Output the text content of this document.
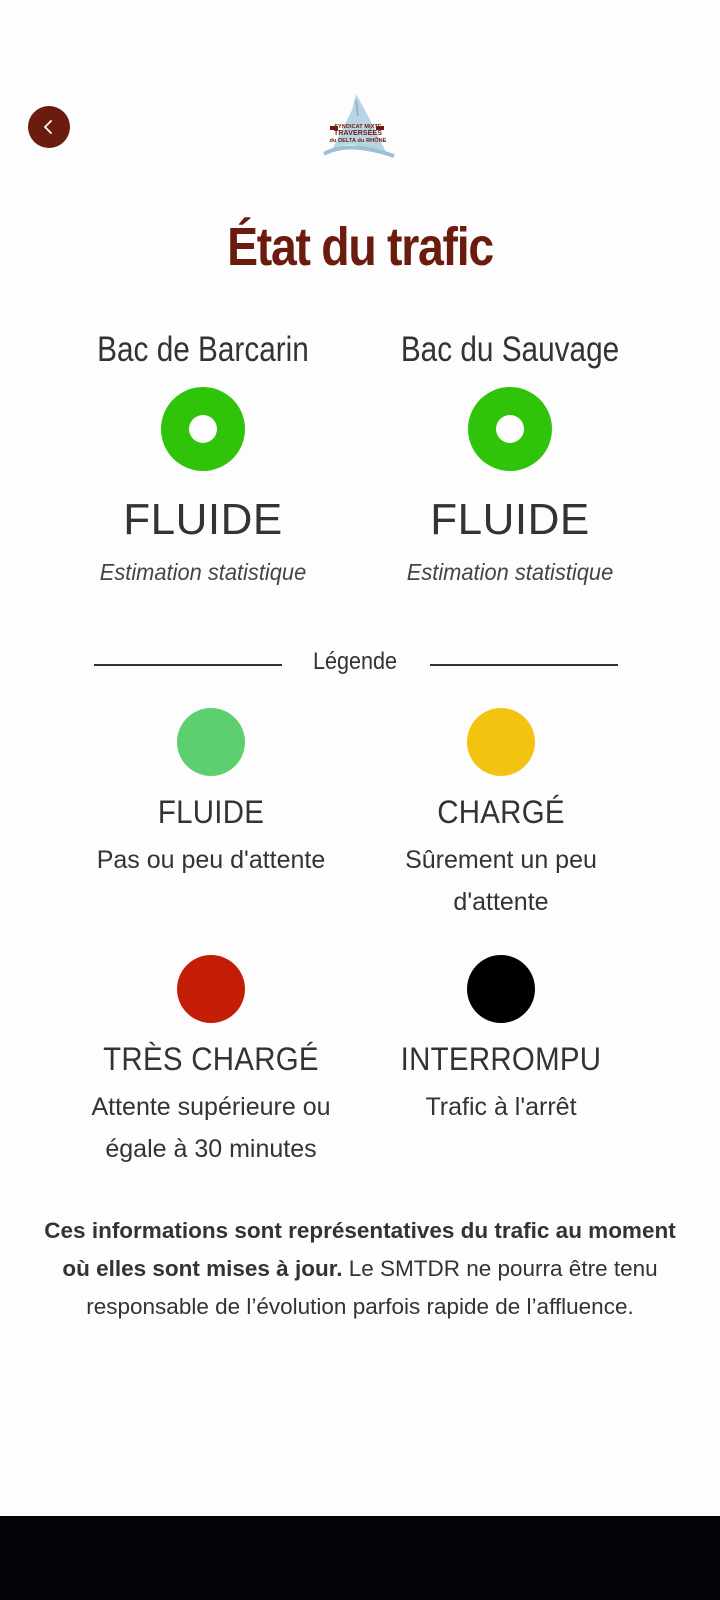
SYNDICAT MIXTE
TRAVERSÉES
du DELTA du RHÔNE
État du trafic
Bac de Barcarin
FLUIDE
Estimation statistique
Bac du Sauvage
FLUIDE
Estimation statistique
Légende
FLUIDE
Pas ou peu d'attente
CHARGÉ
Sûrement un peu
d'attente
TRÈS CHARGÉ
Attente supérieure ou
égale à 30 minutes
INTERROMPU
Trafic à l'arrêt

Ces informations sont représentatives du trafic au moment où elles sont mises à jour. Le SMTDR ne pourra être tenu responsable de l’évolution parfois rapide de l’affluence.
